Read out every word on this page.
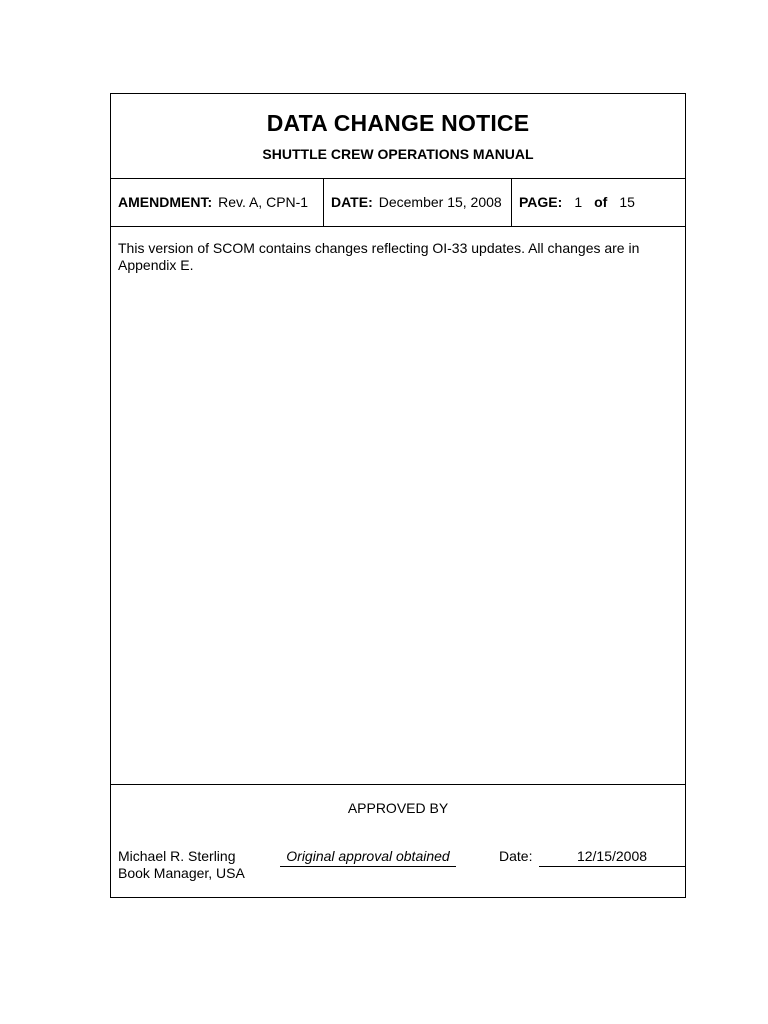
DATA CHANGE NOTICE
SHUTTLE CREW OPERATIONS MANUAL
AMENDMENT: Rev. A, CPN-1	DATE: December 15, 2008	PAGE: 1 of 15
This version of SCOM contains changes reflecting OI-33 updates. All changes are in Appendix E.
APPROVED BY
Michael R. Sterling
Book Manager, USA
Original approval obtained	Date:	12/15/2008
